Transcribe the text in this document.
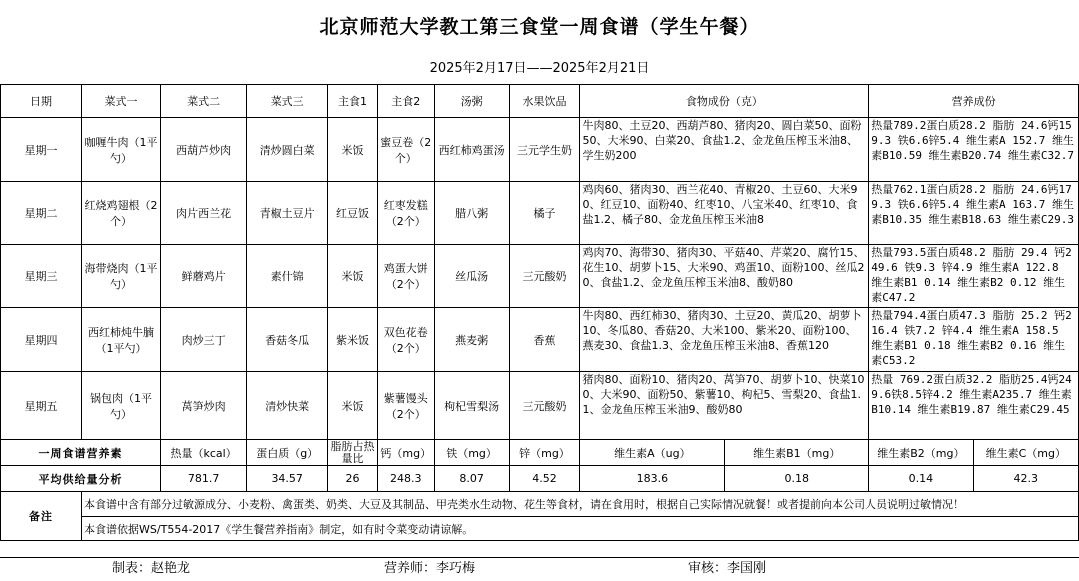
北京师范大学教工第三食堂一周食谱（学生午餐）
2025年2月17日——2025年2月21日
日期	菜式一	菜式二	菜式三	主食1	主食2	汤粥	水果饮品	食物成份（克）		营养成份	
星期一	咖喱牛肉（1平勺）	西葫芦炒肉	清炒圆白菜	米饭	蜜豆卷（2个）	西红柿鸡蛋汤	三元学生奶	牛肉80、土豆20、西葫芦80、猪肉20、圆白菜50、面粉50、大米90、白菜20、食盐1.2、金龙鱼压榨玉米油8、学生奶200		热量789.2蛋白质28.2 脂肪 24.6钙159.3 铁6.6锌5.4 维生素A 152.7 维生素B10.59 维生素B20.74 维生素C32.7	
星期二	红烧鸡翅根（2个）	肉片西兰花	青椒土豆片	红豆饭	红枣发糕（2个）	腊八粥	橘子	鸡肉60、猪肉30、西兰花40、青椒20、土豆60、大米90、红豆10、面粉40、红枣10、八宝米40、红枣10、食盐1.2、橘子80、金龙鱼压榨玉米油8		热量762.1蛋白质28.2 脂肪 24.6钙179.3 铁6.6锌5.4 维生素A 163.7 维生素B10.35 维生素B18.63 维生素C29.3	
星期三	海带烧肉（1平勺）	鲜蘑鸡片	素什锦	米饭	鸡蛋大饼（2个）	丝瓜汤	三元酸奶	鸡肉70、海带30、猪肉30、平菇40、芹菜20、腐竹15、花生10、胡萝卜15、大米90、鸡蛋10、面粉100、丝瓜20、食盐1.2、金龙鱼压榨玉米油8、酸奶80		热量793.5蛋白质48.2 脂肪 29.4 钙249.6 铁9.3 锌4.9 维生素A 122.8 维生素B1 0.14 维生素B2 0.12 维生素C47.2	
星期四	西红柿炖牛腩（1平勺）	肉炒三丁	香菇冬瓜	紫米饭	双色花卷（2个）	燕麦粥	香蕉	牛肉80、西红柿30、猪肉30、土豆20、黄瓜20、胡萝卜10、冬瓜80、香菇20、大米100、紫米20、面粉100、燕麦30、食盐1.3、金龙鱼压榨玉米油8、香蕉120		热量794.4蛋白质47.3 脂肪 25.2 钙216.4 铁7.2 锌4.4 维生素A 158.5 维生素B1 0.18 维生素B2 0.16 维生素C53.2	
星期五	锅包肉（1平勺）	莴笋炒肉	清炒快菜	米饭	紫薯馒头（2个）	枸杞雪梨汤	三元酸奶	猪肉80、面粉10、猪肉20、莴笋70、胡萝卜10、快菜100、大米90、面粉50、紫薯10、枸杞5、雪梨20、食盐1.1、金龙鱼压榨玉米油9、酸奶80		热量 769.2蛋白质32.2 脂肪25.4钙249.6铁8.5锌4.2 维生素A235.7 维生素B10.14 维生素B19.87 维生素C29.45	
一周食谱营养素		热量（kcal）	蛋白质（g）	脂肪占热量比	钙（mg）	铁（mg）	锌（mg）	维生素A（ug）	维生素B1（mg）	维生素B2（mg）	维生素C（mg）
平均供给量分析		781.7	34.57	26	248.3	8.07	4.52	183.6	0.18	0.14	42.3
备注	本食谱中含有部分过敏源成分、小麦粉、禽蛋类、奶类、大豆及其制品、甲壳类水生动物、花生等食材，请在食用时，根据自己实际情况就餐！或者提前向本公司人员说明过敏情况！										
	本食谱依据WS/T554-2017《学生餐营养指南》制定，如有时令菜变动请谅解。										
制表：赵艳龙	营养师：李巧梅	审核：李国刚
